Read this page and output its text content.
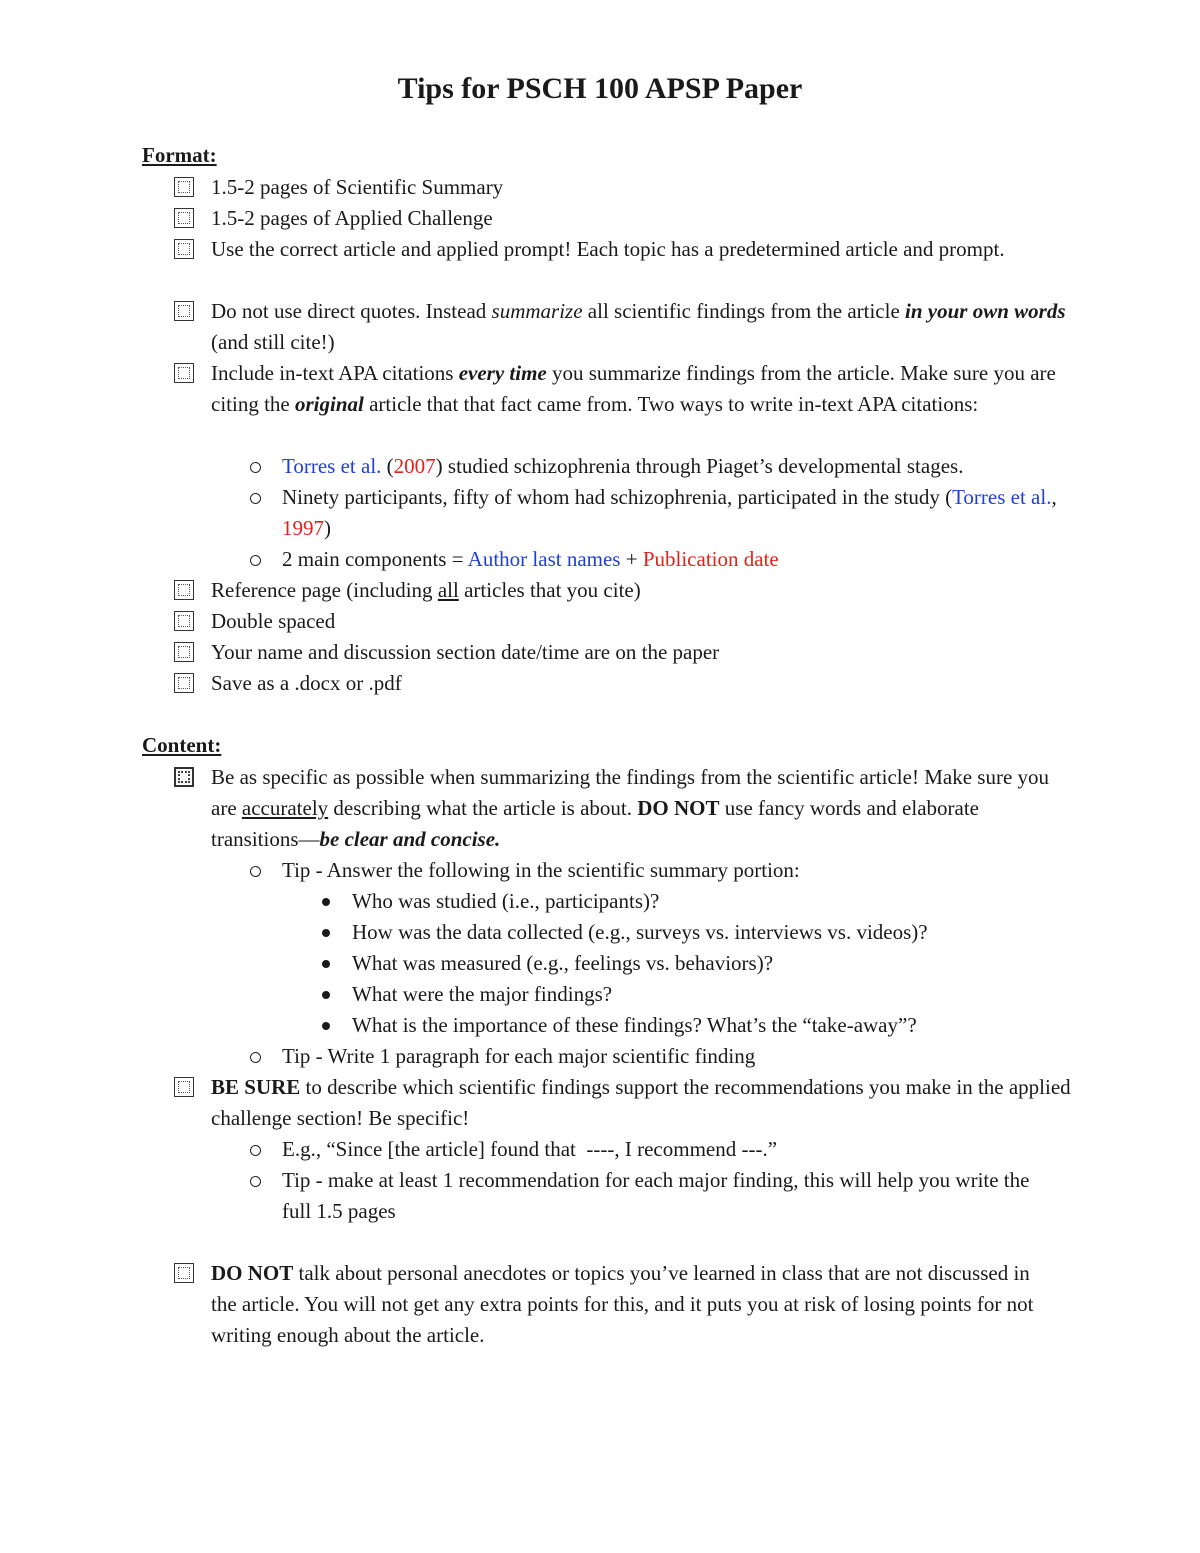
Tips for PSCH 100 APSP Paper
Format:
1.5-2 pages of Scientific Summary
1.5-2 pages of Applied Challenge
Use the correct article and applied prompt! Each topic has a predetermined article and prompt.
Do not use direct quotes. Instead summarize all scientific findings from the article in your own words (and still cite!)
Include in-text APA citations every time you summarize findings from the article. Make sure you are citing the original article that that fact came from. Two ways to write in-text APA citations:
Torres et al. (2007) studied schizophrenia through Piaget’s developmental stages.
Ninety participants, fifty of whom had schizophrenia, participated in the study (Torres et al., 1997)
2 main components = Author last names + Publication date
Reference page (including all articles that you cite)
Double spaced
Your name and discussion section date/time are on the paper
Save as a .docx or .pdf
Content:
Be as specific as possible when summarizing the findings from the scientific article! Make sure you are accurately describing what the article is about. DO NOT use fancy words and elaborate transitions—be clear and concise.
Tip - Answer the following in the scientific summary portion:
Who was studied (i.e., participants)?
How was the data collected (e.g., surveys vs. interviews vs. videos)?
What was measured (e.g., feelings vs. behaviors)?
What were the major findings?
What is the importance of these findings? What’s the “take-away”?
Tip - Write 1 paragraph for each major scientific finding
BE SURE to describe which scientific findings support the recommendations you make in the applied challenge section! Be specific!
E.g., “Since [the article] found that  ----, I recommend ---.”
Tip - make at least 1 recommendation for each major finding, this will help you write the full 1.5 pages
DO NOT talk about personal anecdotes or topics you’ve learned in class that are not discussed in the article. You will not get any extra points for this, and it puts you at risk of losing points for not writing enough about the article.
